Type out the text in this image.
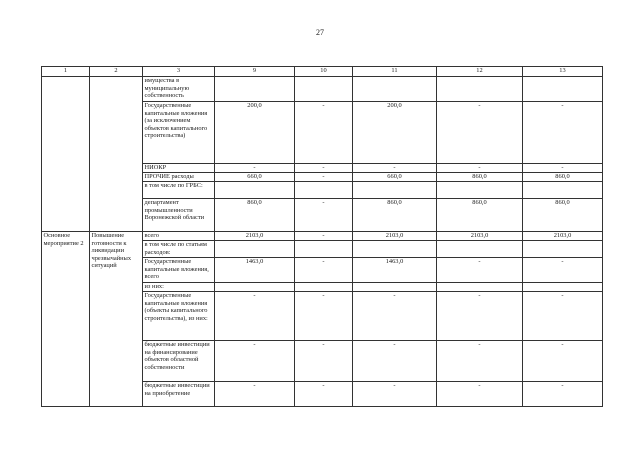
27
1	2	3	9	10	11	12	13
		имущества в муниципальную собственность					
		Государственные капитальные вложения (за исключением объектов капитального строительства)	200,0	-	200,0	-	-
		НИОКР	-	-	-	-	-
		ПРОЧИЕ расходы	660,0	-	660,0	860,0	860,0
		в том числе по ГРБС:					
		департамент промышленности Воронежской области	860,0	-	860,0	860,0	860,0
Основное мероприятие 2	Повышение готовности к ликвидации чрезвычайных ситуаций	всего	2103,0	-	2103,0	2103,0	2103,0
		в том числе по статьям расходов:					
		Государственные капитальные вложения, всего	1463,0	-	1463,0	-	-
		из них:					
		Государственные капитальные вложения (объекты капитального строительства), из них:	-	-	-	-	-
		бюджетные инвестиции на финансирование объектов областной собственности	-	-	-	-	-
		бюджетные инвестиции на приобретение	-	-	-	-	-
